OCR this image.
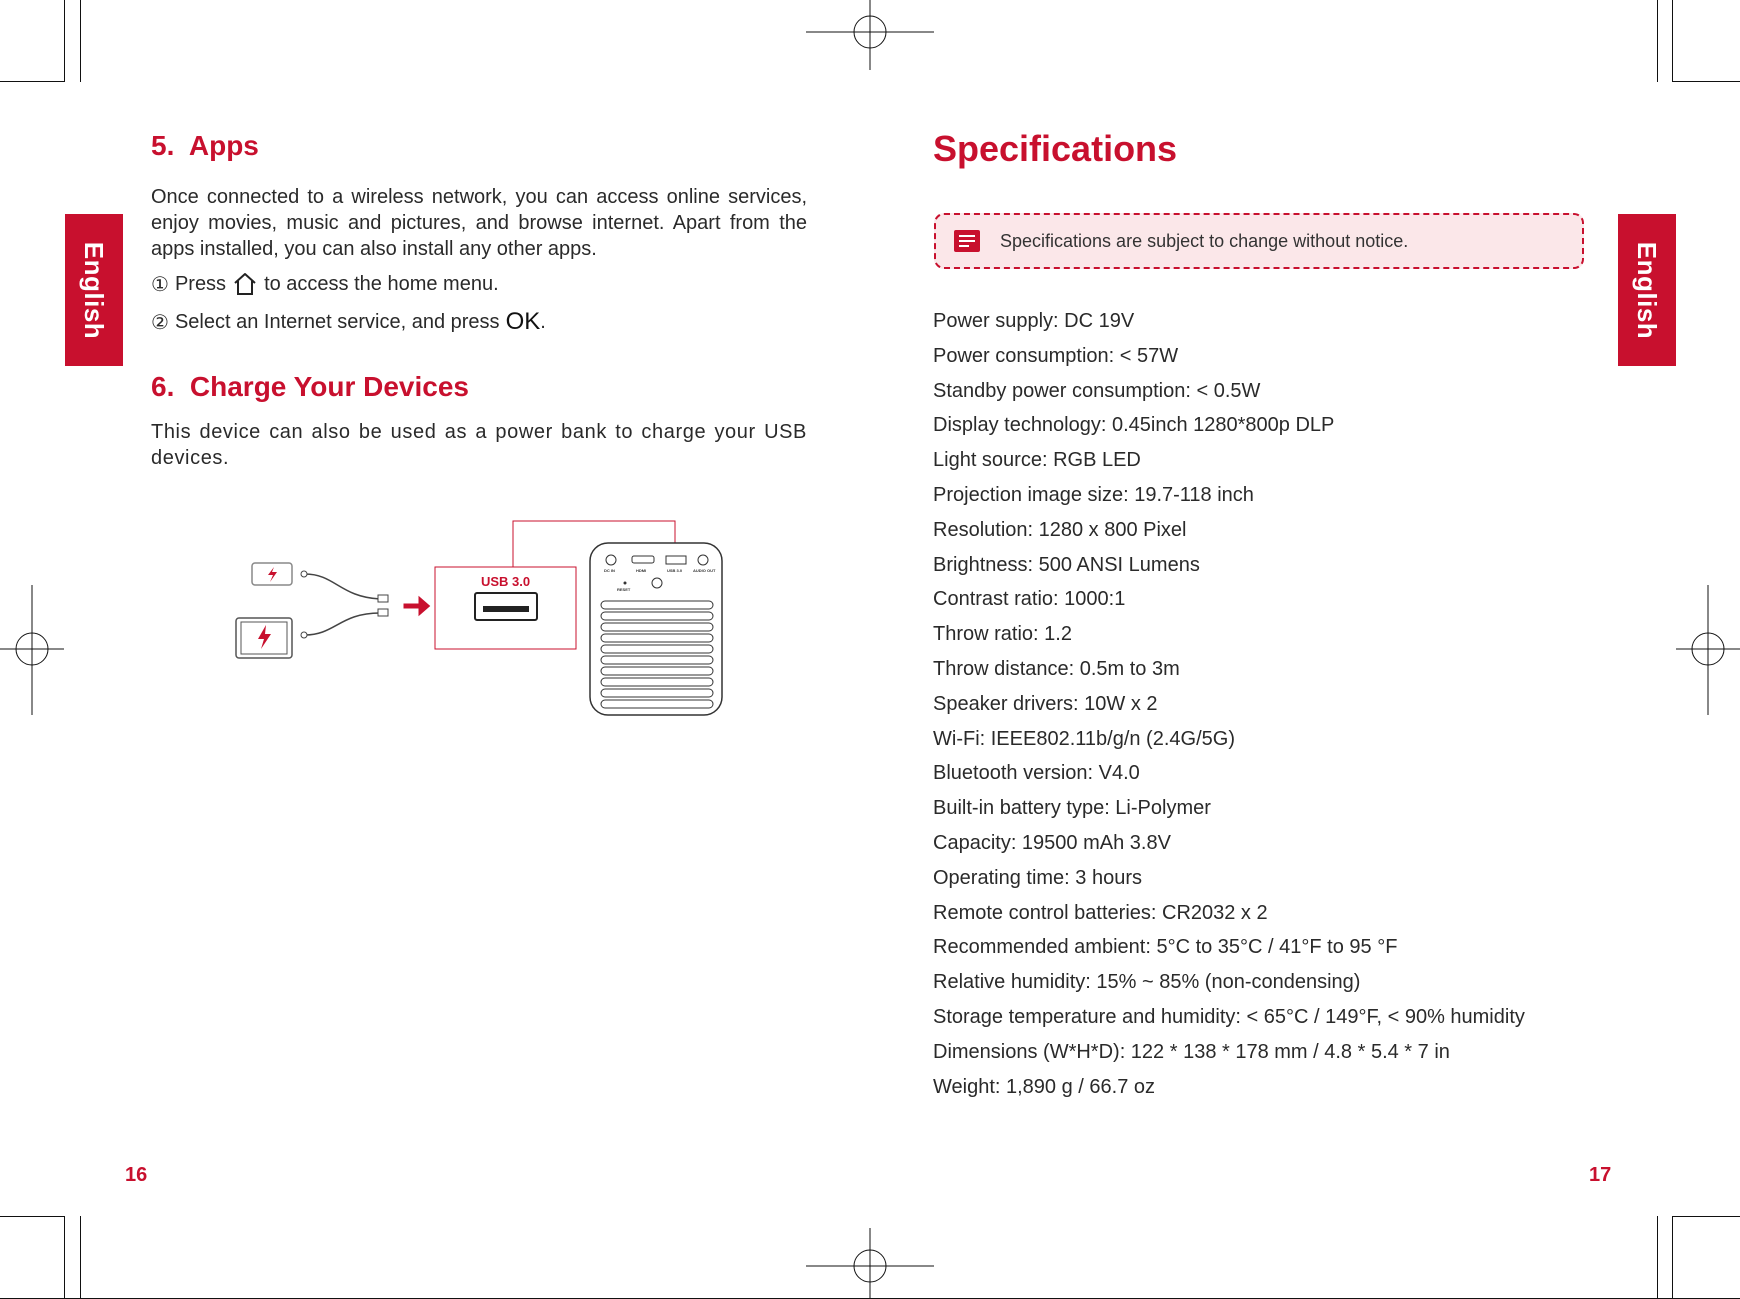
English
5.  Apps
Once connected to a wireless network, you can access online services, enjoy movies, music and pictures, and browse internet. Apart from the apps installed, you can also install any other apps.
① Press to access the home menu.
② Select an Internet service, and press OK .
6.  Charge Your Devices
This device can also be used as a power bank to charge your USB devices.
USB 3.0
DC IN	HDMI	USB 3.0	AUDIO OUT
RESET
16
English
Specifications
Specifications are subject to change without notice.
Power supply: DC 19V
Power consumption: < 57W
Standby power consumption: < 0.5W
Display technology: 0.45inch 1280*800p DLP
Light source: RGB LED
Projection image size: 19.7-118 inch
Resolution: 1280 x 800 Pixel
Brightness: 500 ANSI Lumens
Contrast ratio: 1000:1
Throw ratio: 1.2
Throw distance: 0.5m to 3m
Speaker drivers: 10W x 2
Wi-Fi: IEEE802.11b/g/n (2.4G/5G)
Bluetooth version: V4.0
Built-in battery type: Li-Polymer
Capacity: 19500 mAh 3.8V
Operating time: 3 hours
Remote control batteries: CR2032 x 2
Recommended ambient: 5°C to 35°C / 41°F to 95 °F
Relative humidity: 15% ~ 85% (non-condensing)
Storage temperature and humidity: < 65°C / 149°F, < 90% humidity
Dimensions (W*H*D): 122 * 138 * 178 mm / 4.8 * 5.4 * 7 in
Weight: 1,890 g / 66.7 oz
17
